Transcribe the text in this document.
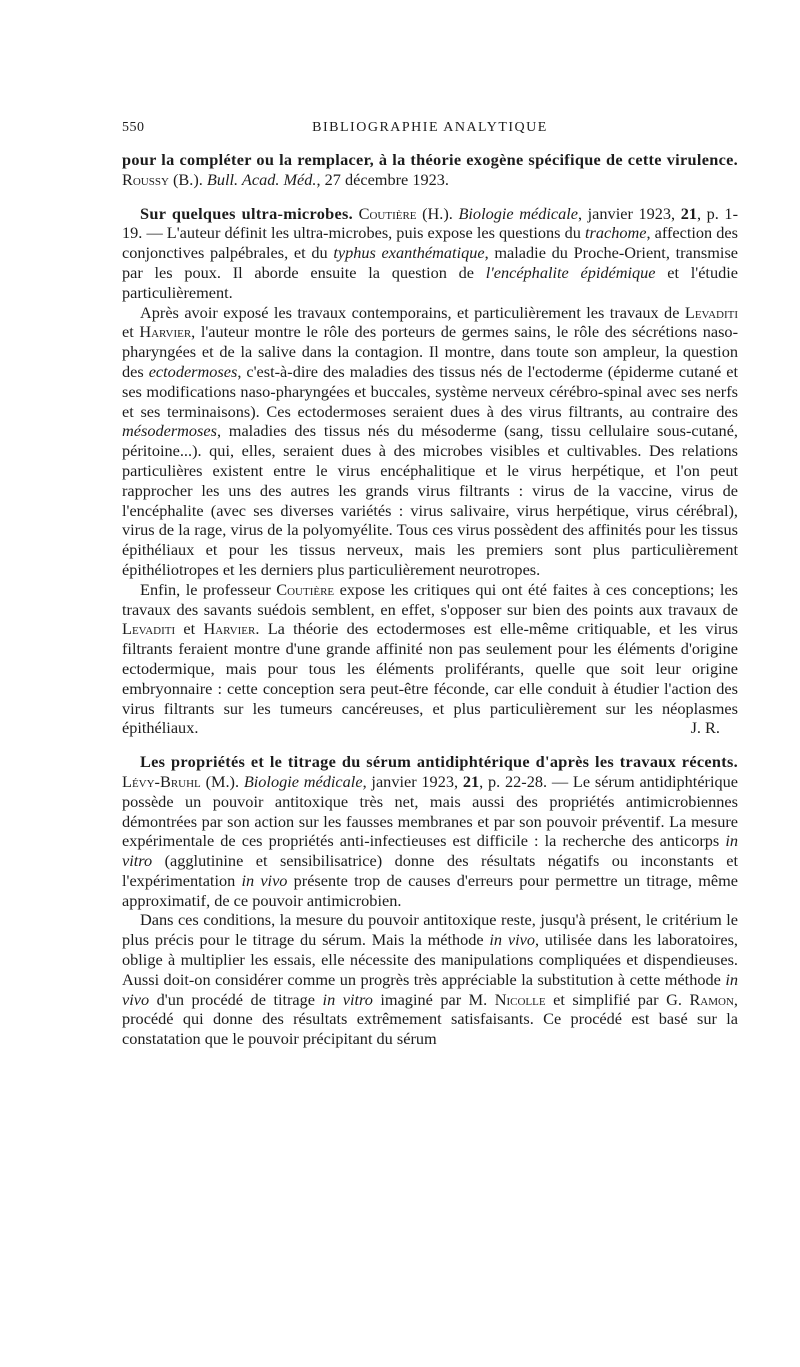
550	BIBLIOGRAPHIE ANALYTIQUE

pour la compléter ou la remplacer, à la théorie exogène spécifique de cette virulence. Roussy (B.). Bull. Acad. Méd., 27 décembre 1923.

Sur quelques ultra-microbes. Coutière (H.). Biologie médicale, janvier 1923, 21, p. 1-19. — L'auteur définit les ultra-microbes, puis expose les questions du trachome, affection des conjonctives palpébrales, et du typhus exanthématique, maladie du Proche-Orient, transmise par les poux. Il aborde ensuite la question de l'encéphalite épidémique et l'étudie particulièrement.

Après avoir exposé les travaux contemporains, et particulièrement les travaux de Levaditi et Harvier, l'auteur montre le rôle des porteurs de germes sains, le rôle des sécrétions naso-pharyngées et de la salive dans la contagion. Il montre, dans toute son ampleur, la question des ectodermoses, c'est-à-dire des maladies des tissus nés de l'ectoderme (épiderme cutané et ses modifications naso-pharyngées et buccales, système nerveux cérébro-spinal avec ses nerfs et ses terminaisons). Ces ectodermoses seraient dues à des virus filtrants, au contraire des mésodermoses, maladies des tissus nés du mésoderme (sang, tissu cellulaire sous-cutané, péritoine...). qui, elles, seraient dues à des microbes visibles et cultivables. Des relations particulières existent entre le virus encéphalitique et le virus herpétique, et l'on peut rapprocher les uns des autres les grands virus filtrants : virus de la vaccine, virus de l'encéphalite (avec ses diverses variétés : virus salivaire, virus herpétique, virus cérébral), virus de la rage, virus de la polyomyélite. Tous ces virus possèdent des affinités pour les tissus épithéliaux et pour les tissus nerveux, mais les premiers sont plus particulièrement épithéliotropes et les derniers plus particulièrement neurotropes.

Enfin, le professeur Coutière expose les critiques qui ont été faites à ces conceptions; les travaux des savants suédois semblent, en effet, s'opposer sur bien des points aux travaux de Levaditi et Harvier. La théorie des ectodermoses est elle-même critiquable, et les virus filtrants feraient montre d'une grande affinité non pas seulement pour les éléments d'origine ectodermique, mais pour tous les éléments proliférants, quelle que soit leur origine embryonnaire : cette conception sera peut-être féconde, car elle conduit à étudier l'action des virus filtrants sur les tumeurs cancéreuses, et plus particulièrement sur les néoplasmes épithéliaux.	J. R.

Les propriétés et le titrage du sérum antidiphtérique d'après les travaux récents. Lévy-Bruhl (M.). Biologie médicale, janvier 1923, 21, p. 22-28. — Le sérum antidiphtérique possède un pouvoir antitoxique très net, mais aussi des propriétés antimicrobiennes démontrées par son action sur les fausses membranes et par son pouvoir préventif. La mesure expérimentale de ces propriétés anti-infectieuses est difficile : la recherche des anticorps in vitro (agglutinine et sensibilisatrice) donne des résultats négatifs ou inconstants et l'expérimentation in vivo présente trop de causes d'erreurs pour permettre un titrage, même approximatif, de ce pouvoir antimicrobien.

Dans ces conditions, la mesure du pouvoir antitoxique reste, jusqu'à présent, le critérium le plus précis pour le titrage du sérum. Mais la méthode in vivo, utilisée dans les laboratoires, oblige à multiplier les essais, elle nécessite des manipulations compliquées et dispendieuses. Aussi doit-on considérer comme un progrès très appréciable la substitution à cette méthode in vivo d'un procédé de titrage in vitro imaginé par M. Nicolle et simplifié par G. Ramon, procédé qui donne des résultats extrêmement satisfaisants. Ce procédé est basé sur la constatation que le pouvoir précipitant du sérum
